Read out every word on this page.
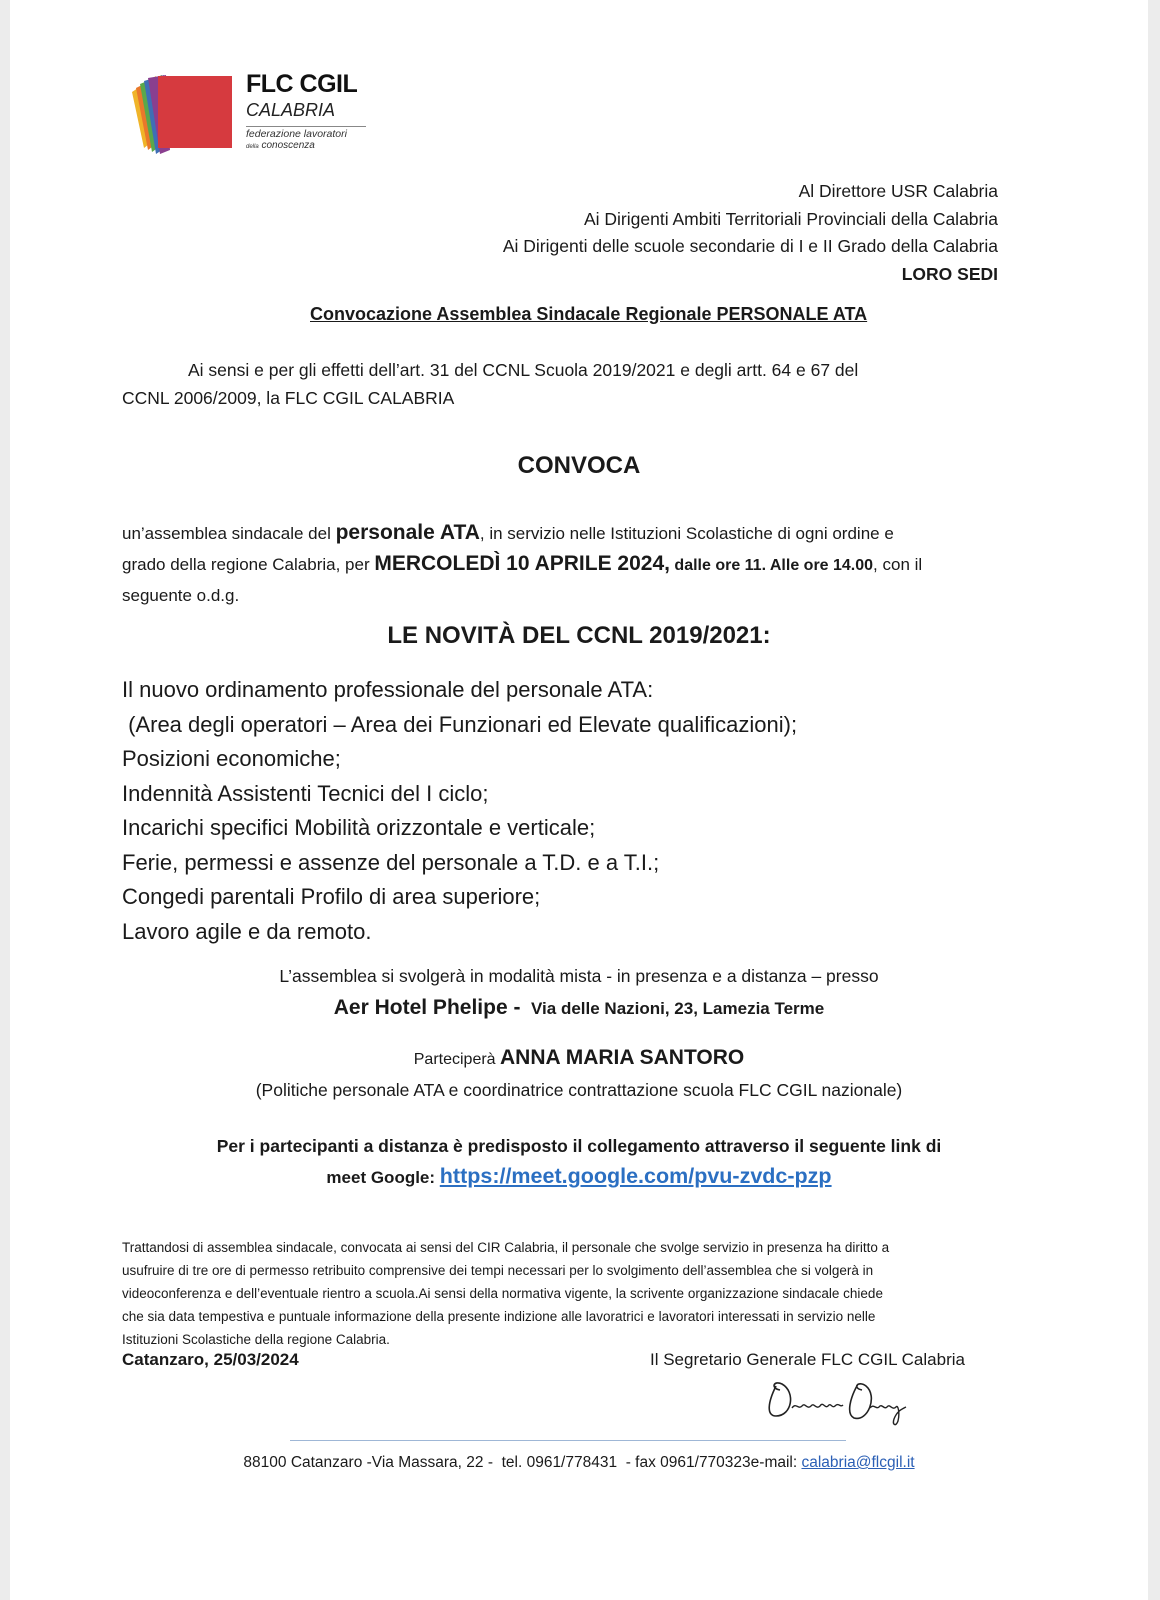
FLC CGIL
CALABRIA
federazione lavoratori
della conoscenza
Al Direttore USR Calabria
Ai Dirigenti Ambiti Territoriali Provinciali della Calabria
Ai Dirigenti delle scuole secondarie di I e II Grado della Calabria
LORO SEDI
Convocazione Assemblea Sindacale Regionale PERSONALE ATA
Ai sensi e per gli effetti dell’art. 31 del CCNL Scuola 2019/2021 e degli artt. 64 e 67 del
CCNL 2006/2009, la FLC CGIL CALABRIA
CONVOCA
un’assemblea sindacale del personale ATA, in servizio nelle Istituzioni Scolastiche di ogni ordine e
grado della regione Calabria, per MERCOLEDÌ 10 APRILE 2024, dalle ore 11. Alle ore 14.00, con il
seguente o.d.g.
LE NOVITÀ DEL CCNL 2019/2021:
Il nuovo ordinamento professionale del personale ATA:
(Area degli operatori – Area dei Funzionari ed Elevate qualificazioni);
Posizioni economiche;
Indennità Assistenti Tecnici del I ciclo;
Incarichi specifici Mobilità orizzontale e verticale;
Ferie, permessi e assenze del personale a T.D. e a T.I.;
Congedi parentali Profilo di area superiore;
Lavoro agile e da remoto.
L’assemblea si svolgerà in modalità mista - in presenza e a distanza – presso
Aer Hotel Phelipe -  Via delle Nazioni, 23, Lamezia Terme
Parteciperà ANNA MARIA SANTORO
(Politiche personale ATA e coordinatrice contrattazione scuola FLC CGIL nazionale)
Per i partecipanti a distanza è predisposto il collegamento attraverso il seguente link di
meet Google: https://meet.google.com/pvu-zvdc-pzp
Trattandosi di assemblea sindacale, convocata ai sensi del CIR Calabria, il personale che svolge servizio in presenza ha diritto a
usufruire di tre ore di permesso retribuito comprensive dei tempi necessari per lo svolgimento dell’assemblea che si volgerà in
videoconferenza e dell’eventuale rientro a scuola.Ai sensi della normativa vigente, la scrivente organizzazione sindacale chiede
che sia data tempestiva e puntuale informazione della presente indizione alle lavoratrici e lavoratori interessati in servizio nelle
Istituzioni Scolastiche della regione Calabria.
Catanzaro, 25/03/2024	Il Segretario Generale FLC CGIL Calabria
88100 Catanzaro -Via Massara, 22 -  tel. 0961/778431  - fax 0961/770323e-mail: calabria@flcgil.it
